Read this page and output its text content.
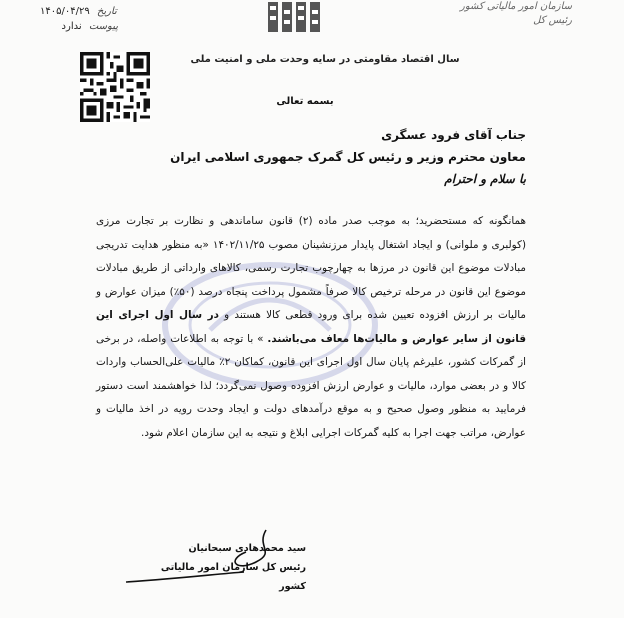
۱۴۰۵/۰۴/۲۹ تاریخ
پیوست ندارد
سازمان امور مالیاتی کشور
رئیس کل
سال اقتصاد مقاومتی در سایه وحدت ملی و امنیت ملی
بسمه تعالی
جناب آقای فرود عسگری
معاون محترم وزیر و رئیس کل گمرک جمهوری اسلامی ایران
با سلام و احترام
همانگونه که مستحضرید؛ به موجب صدر ماده (۲) قانون ساماندهی و نظارت بر تجارت مرزی (کولبری و ملوانی) و ایجاد اشتغال پایدار مرزنشینان مصوب ۱۴۰۲/۱۱/۲۵ «به منظور هدایت تدریجی مبادلات موضوع این قانون در مرزها به چهارچوب تجارت رسمی، کالاهای وارداتی از طریق مبادلات موضوع این قانون در مرحله ترخیص کالا صرفاً مشمول پرداخت پنجاه درصد (۵۰٪) میزان عوارض و مالیات بر ارزش افزوده تعیین شده برای ورود قطعی کالا هستند و در سال اول اجرای این قانون از سایر عوارض و مالیات‌ها معاف می‌باشند. » با توجه به اطلاعات واصله، در برخی از گمرکات کشور، علیرغم پایان سال اول اجرای این قانون، کماکان ۲٪ مالیات علی‌الحساب واردات کالا و در بعضی موارد، مالیات و عوارض ارزش افزوده وصول نمی‌گردد؛ لذا خواهشمند است دستور فرمایید به منظور وصول صحیح و به موقع درآمدهای دولت و ایجاد وحدت رویه در اخذ مالیات و عوارض، مراتب جهت اجرا به کلیه گمرکات اجرایی ابلاغ و نتیجه به این سازمان اعلام شود.
سید محمدهادی سبحانیان
رئیس کل سازمان امور مالیاتی کشور
